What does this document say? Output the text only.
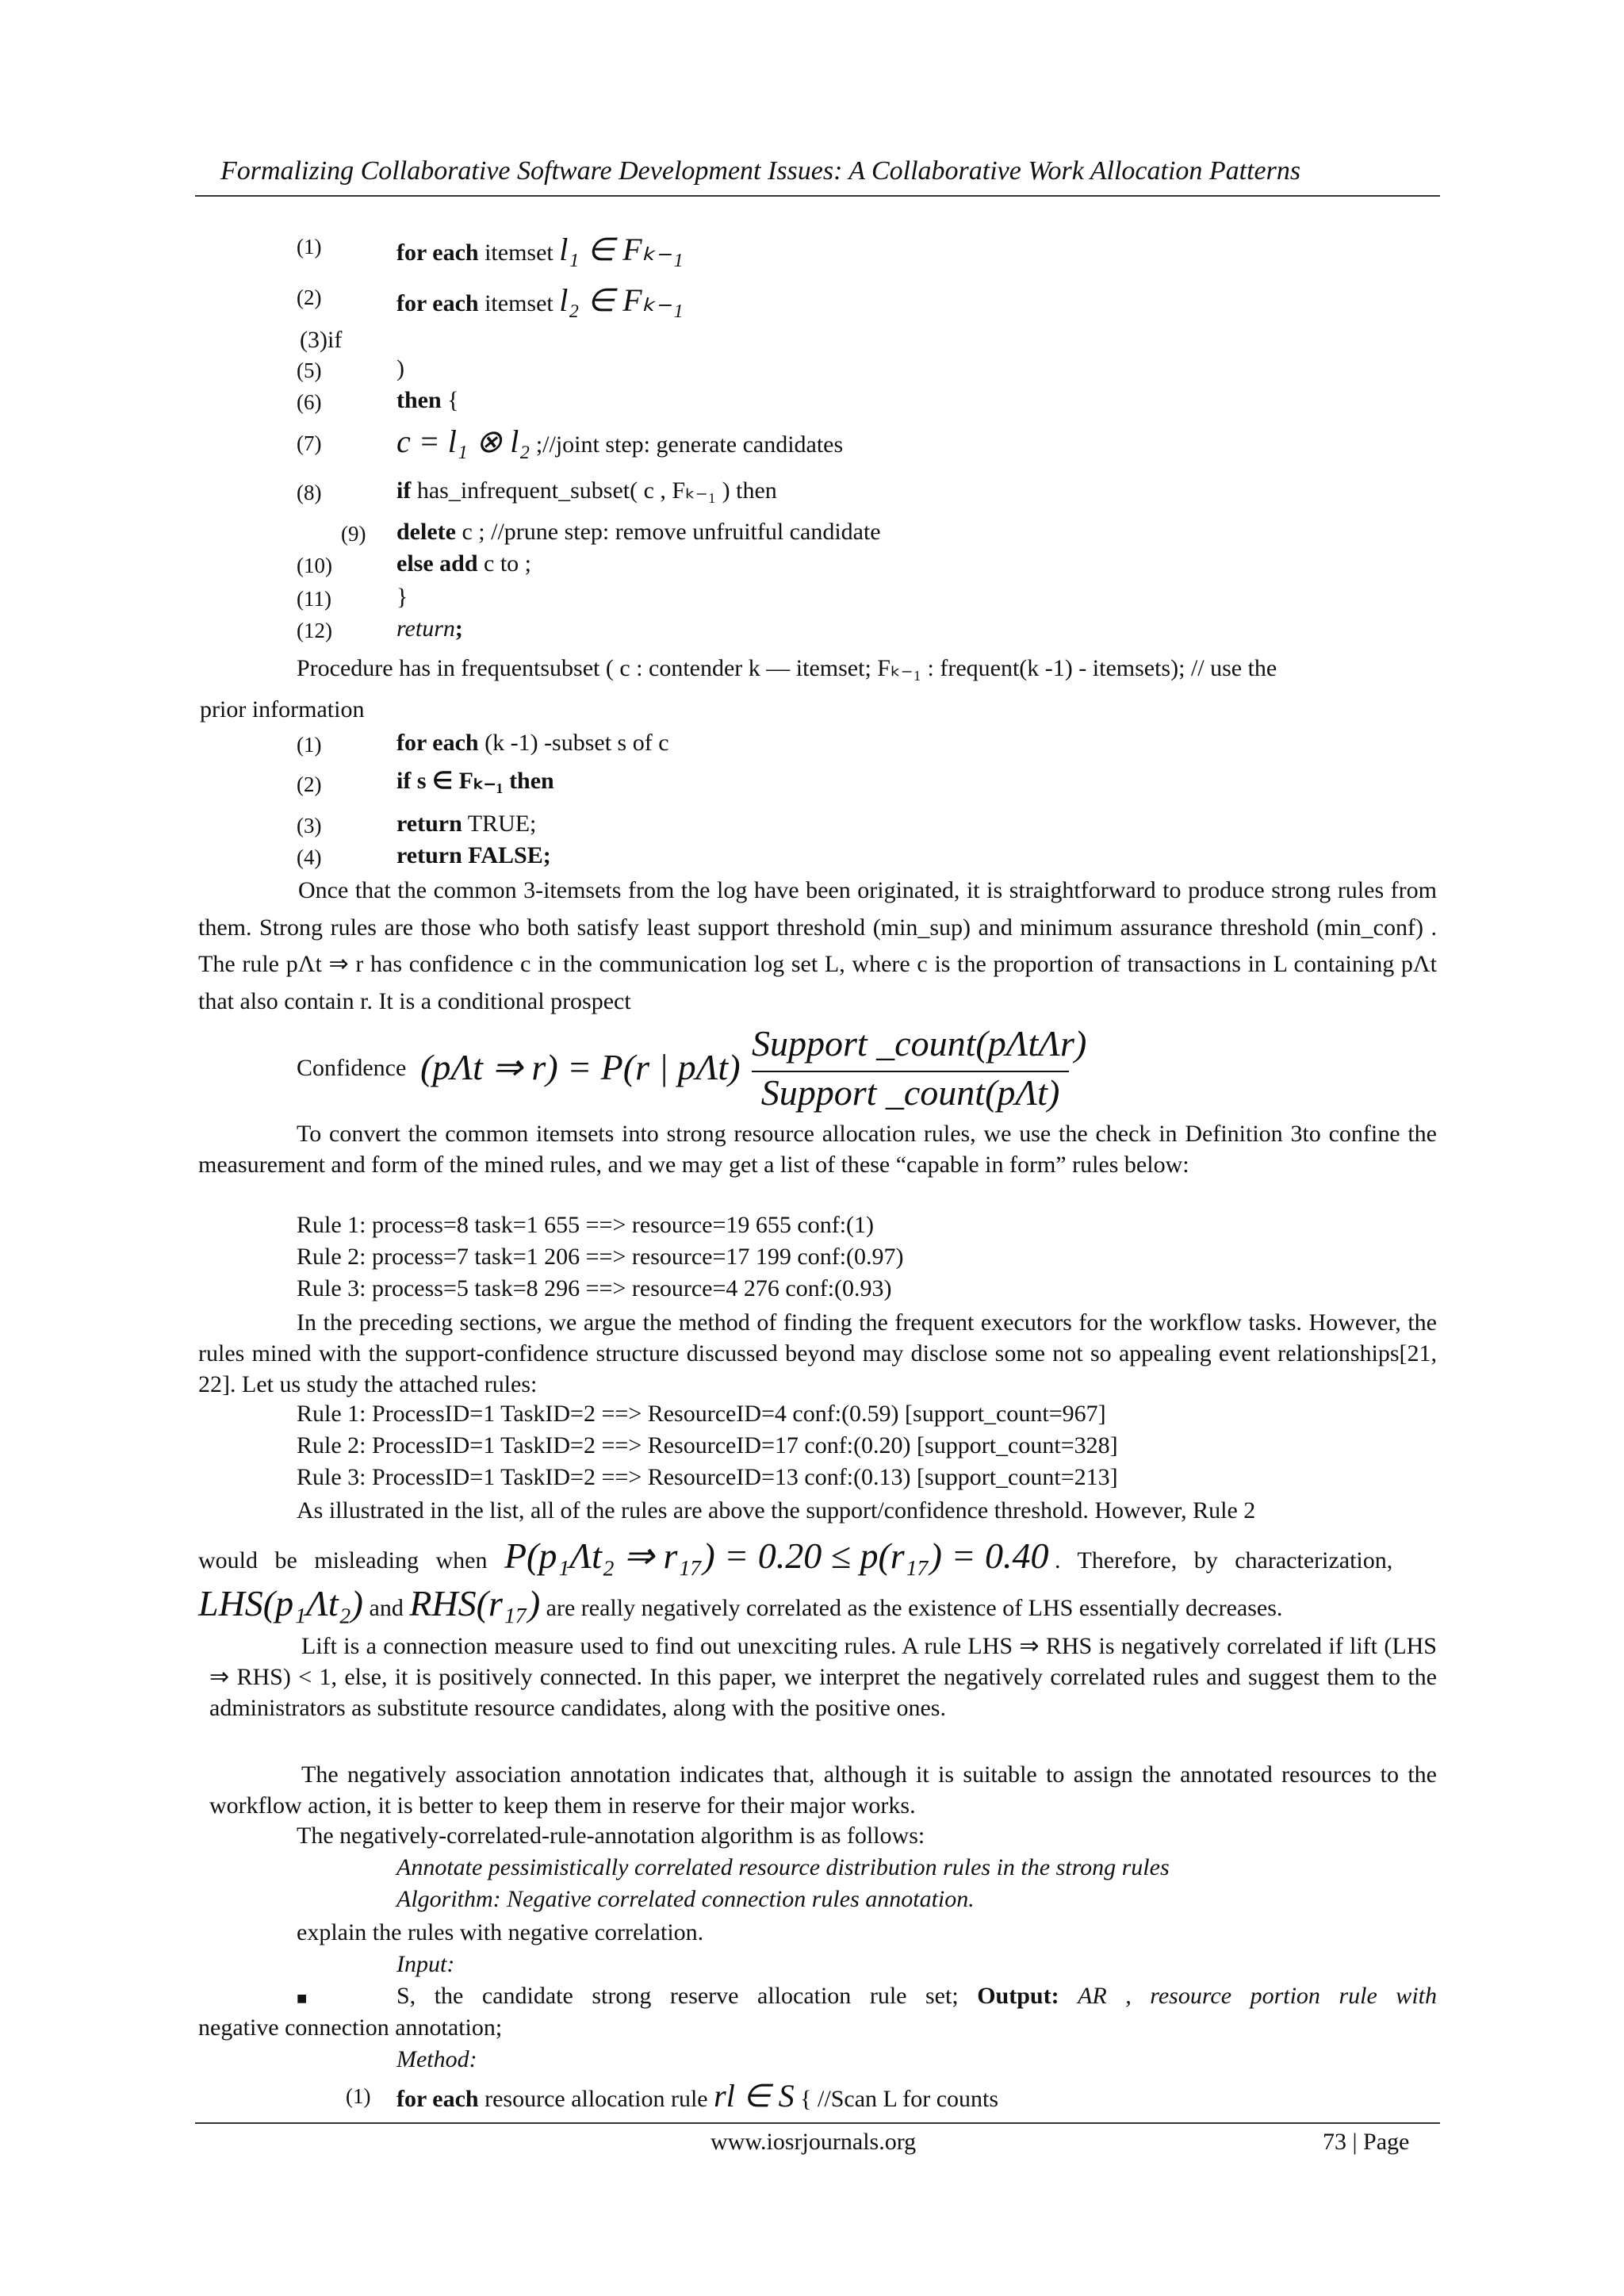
Formalizing Collaborative Software Development Issues: A Collaborative Work Allocation Patterns
(1)	for each itemset l₁ ∈ Fₖ₋₁
(2)	for each itemset l₂ ∈ Fₖ₋₁
(3)if
(5)	)
(6)	then {
(7) c = l₁ ⊗ l₂ ;//joint step: generate candidates
(8)	if has_infrequent_subset( c , Fₖ₋₁ ) then
(9) delete c ; //prune step: remove unfruitful candidate
(10)	else add c to ;
(11)	}
(12)	return;
Procedure has in frequentsubset ( c : contender k — itemset; Fₖ₋₁ : frequent(k -1) - itemsets); // use the
prior information
(1)	for each (k -1) -subset s of c
(2)	if s ∈ Fₖ₋₁ then
(3)	return TRUE;
(4)	return FALSE;
Once that the common 3-itemsets from the log have been originated, it is straightforward to produce strong rules from them. Strong rules are those who both satisfy least support threshold (min_sup) and minimum assurance threshold (min_conf) . The rule pΛt ⇒ r has confidence c in the communication log set L, where c is the proportion of transactions in L containing pΛt that also contain r. It is a conditional prospect
Confidence (pΛt ⇒ r) = P(r | pΛt)
Support _count(pΛtΛr)
Support _count(pΛt)
To convert the common itemsets into strong resource allocation rules, we use the check in Definition 3to confine the measurement and form of the mined rules, and we may get a list of these “capable in form” rules below:
Rule 1: process=8 task=1 655 ==> resource=19 655 conf:(1)
Rule 2: process=7 task=1 206 ==> resource=17 199 conf:(0.97)
Rule 3: process=5 task=8 296 ==> resource=4 276 conf:(0.93)
In the preceding sections, we argue the method of finding the frequent executors for the workflow tasks. However, the rules mined with the support-confidence structure discussed beyond may disclose some not so appealing event relationships[21, 22]. Let us study the attached rules:
Rule 1: ProcessID=1 TaskID=2 ==> ResourceID=4 conf:(0.59) [support_count=967]
Rule 2: ProcessID=1 TaskID=2 ==> ResourceID=17 conf:(0.20) [support_count=328]
Rule 3: ProcessID=1 TaskID=2 ==> ResourceID=13 conf:(0.13) [support_count=213]
As illustrated in the list, all of the rules are above the support/confidence threshold. However, Rule 2
would be misleading when P(p₁Λt₂ ⇒ r₁₇) = 0.20 ≤ p(r₁₇) = 0.40 . Therefore, by characterization,
LHS(p₁Λt₂) and RHS(r₁₇) are really negatively correlated as the existence of LHS essentially decreases.
Lift is a connection measure used to find out unexciting rules. A rule LHS ⇒ RHS is negatively correlated if lift (LHS ⇒ RHS) < 1, else, it is positively connected. In this paper, we interpret the negatively correlated rules and suggest them to the administrators as substitute resource candidates, along with the positive ones.
The negatively association annotation indicates that, although it is suitable to assign the annotated resources to the workflow action, it is better to keep them in reserve for their major works.
The negatively-correlated-rule-annotation algorithm is as follows:
Annotate pessimistically correlated resource distribution rules in the strong rules
Algorithm: Negative correlated connection rules annotation.
explain the rules with negative correlation.
Input:
■	S, the candidate strong reserve allocation rule set; Output: AR , resource portion rule with
negative connection annotation;
Method:
(1) for each resource allocation rule rl ∈ S { //Scan L for counts
www.iosrjournals.org	73 | Page
